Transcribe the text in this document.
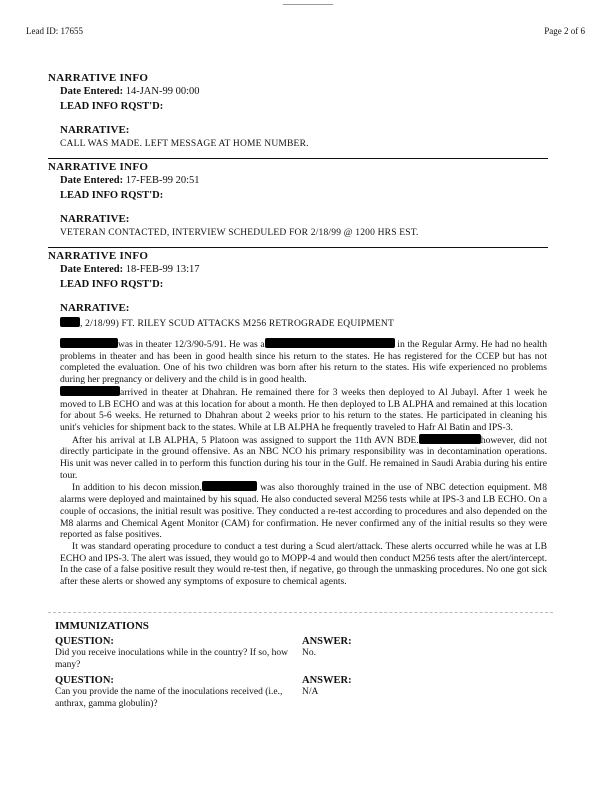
Lead ID: 17655	Page 2 of 6
NARRATIVE INFO
Date Entered: 14-JAN-99 00:00
LEAD INFO RQST'D:
NARRATIVE:
CALL WAS MADE. LEFT MESSAGE AT HOME NUMBER.
NARRATIVE INFO
Date Entered: 17-FEB-99 20:51
LEAD INFO RQST'D:
NARRATIVE:
VETERAN CONTACTED, INTERVIEW SCHEDULED FOR 2/18/99 @ 1200 HRS EST.
NARRATIVE INFO
Date Entered: 18-FEB-99 13:17
LEAD INFO RQST'D:
NARRATIVE:
, 2/18/99) FT. RILEY SCUD ATTACKS M256 RETROGRADE EQUIPMENT

was in theater 12/3/90-5/91. He was a	in the Regular Army. He had no health problems in theater and has been in good health since his return to the states. He has registered for the CCEP but has not completed the evaluation. One of his two children was born after his return to the states. His wife experienced no problems during her pregnancy or delivery and the child is in good health.

arrived in theater at Dhahran. He remained there for 3 weeks then deployed to Al Jubayl. After 1 week he moved to LB ECHO and was at this location for about a month. He then deployed to LB ALPHA and remained at this location for about 5-6 weeks. He returned to Dhahran about 2 weeks prior to his return to the states. He participated in cleaning his unit's vehicles for shipment back to the states. While at LB ALPHA he frequently traveled to Hafr Al Batin and IPS-3.

After his arrival at LB ALPHA, 5 Platoon was assigned to support the 11th AVN BDE.	however, did not directly participate in the ground offensive. As an NBC NCO his primary responsibility was in decontamination operations. His unit was never called in to perform this function during his tour in the Gulf. He remained in Saudi Arabia during his entire tour.

In addition to his decon mission,	was also thoroughly trained in the use of NBC detection equipment. M8 alarms were deployed and maintained by his squad. He also conducted several M256 tests while at IPS-3 and LB ECHO. On a couple of occasions, the initial result was positive. They conducted a re-test according to procedures and also depended on the M8 alarms and Chemical Agent Monitor (CAM) for confirmation. He never confirmed any of the initial results so they were reported as false positives.

It was standard operating procedure to conduct a test during a Scud alert/attack. These alerts occurred while he was at LB ECHO and IPS-3. The alert was issued, they would go to MOPP-4 and would then conduct M256 tests after the alert/intercept. In the case of a false positive result they would re-test then, if negative, go through the unmasking procedures. No one got sick after these alerts or showed any symptoms of exposure to chemical agents.

IMMUNIZATIONS
QUESTION:
Did you receive inoculations while in the country? If so, how many?
ANSWER:
No.
QUESTION:
Can you provide the name of the inoculations received (i.e., anthrax, gamma globulin)?
ANSWER:
N/A
